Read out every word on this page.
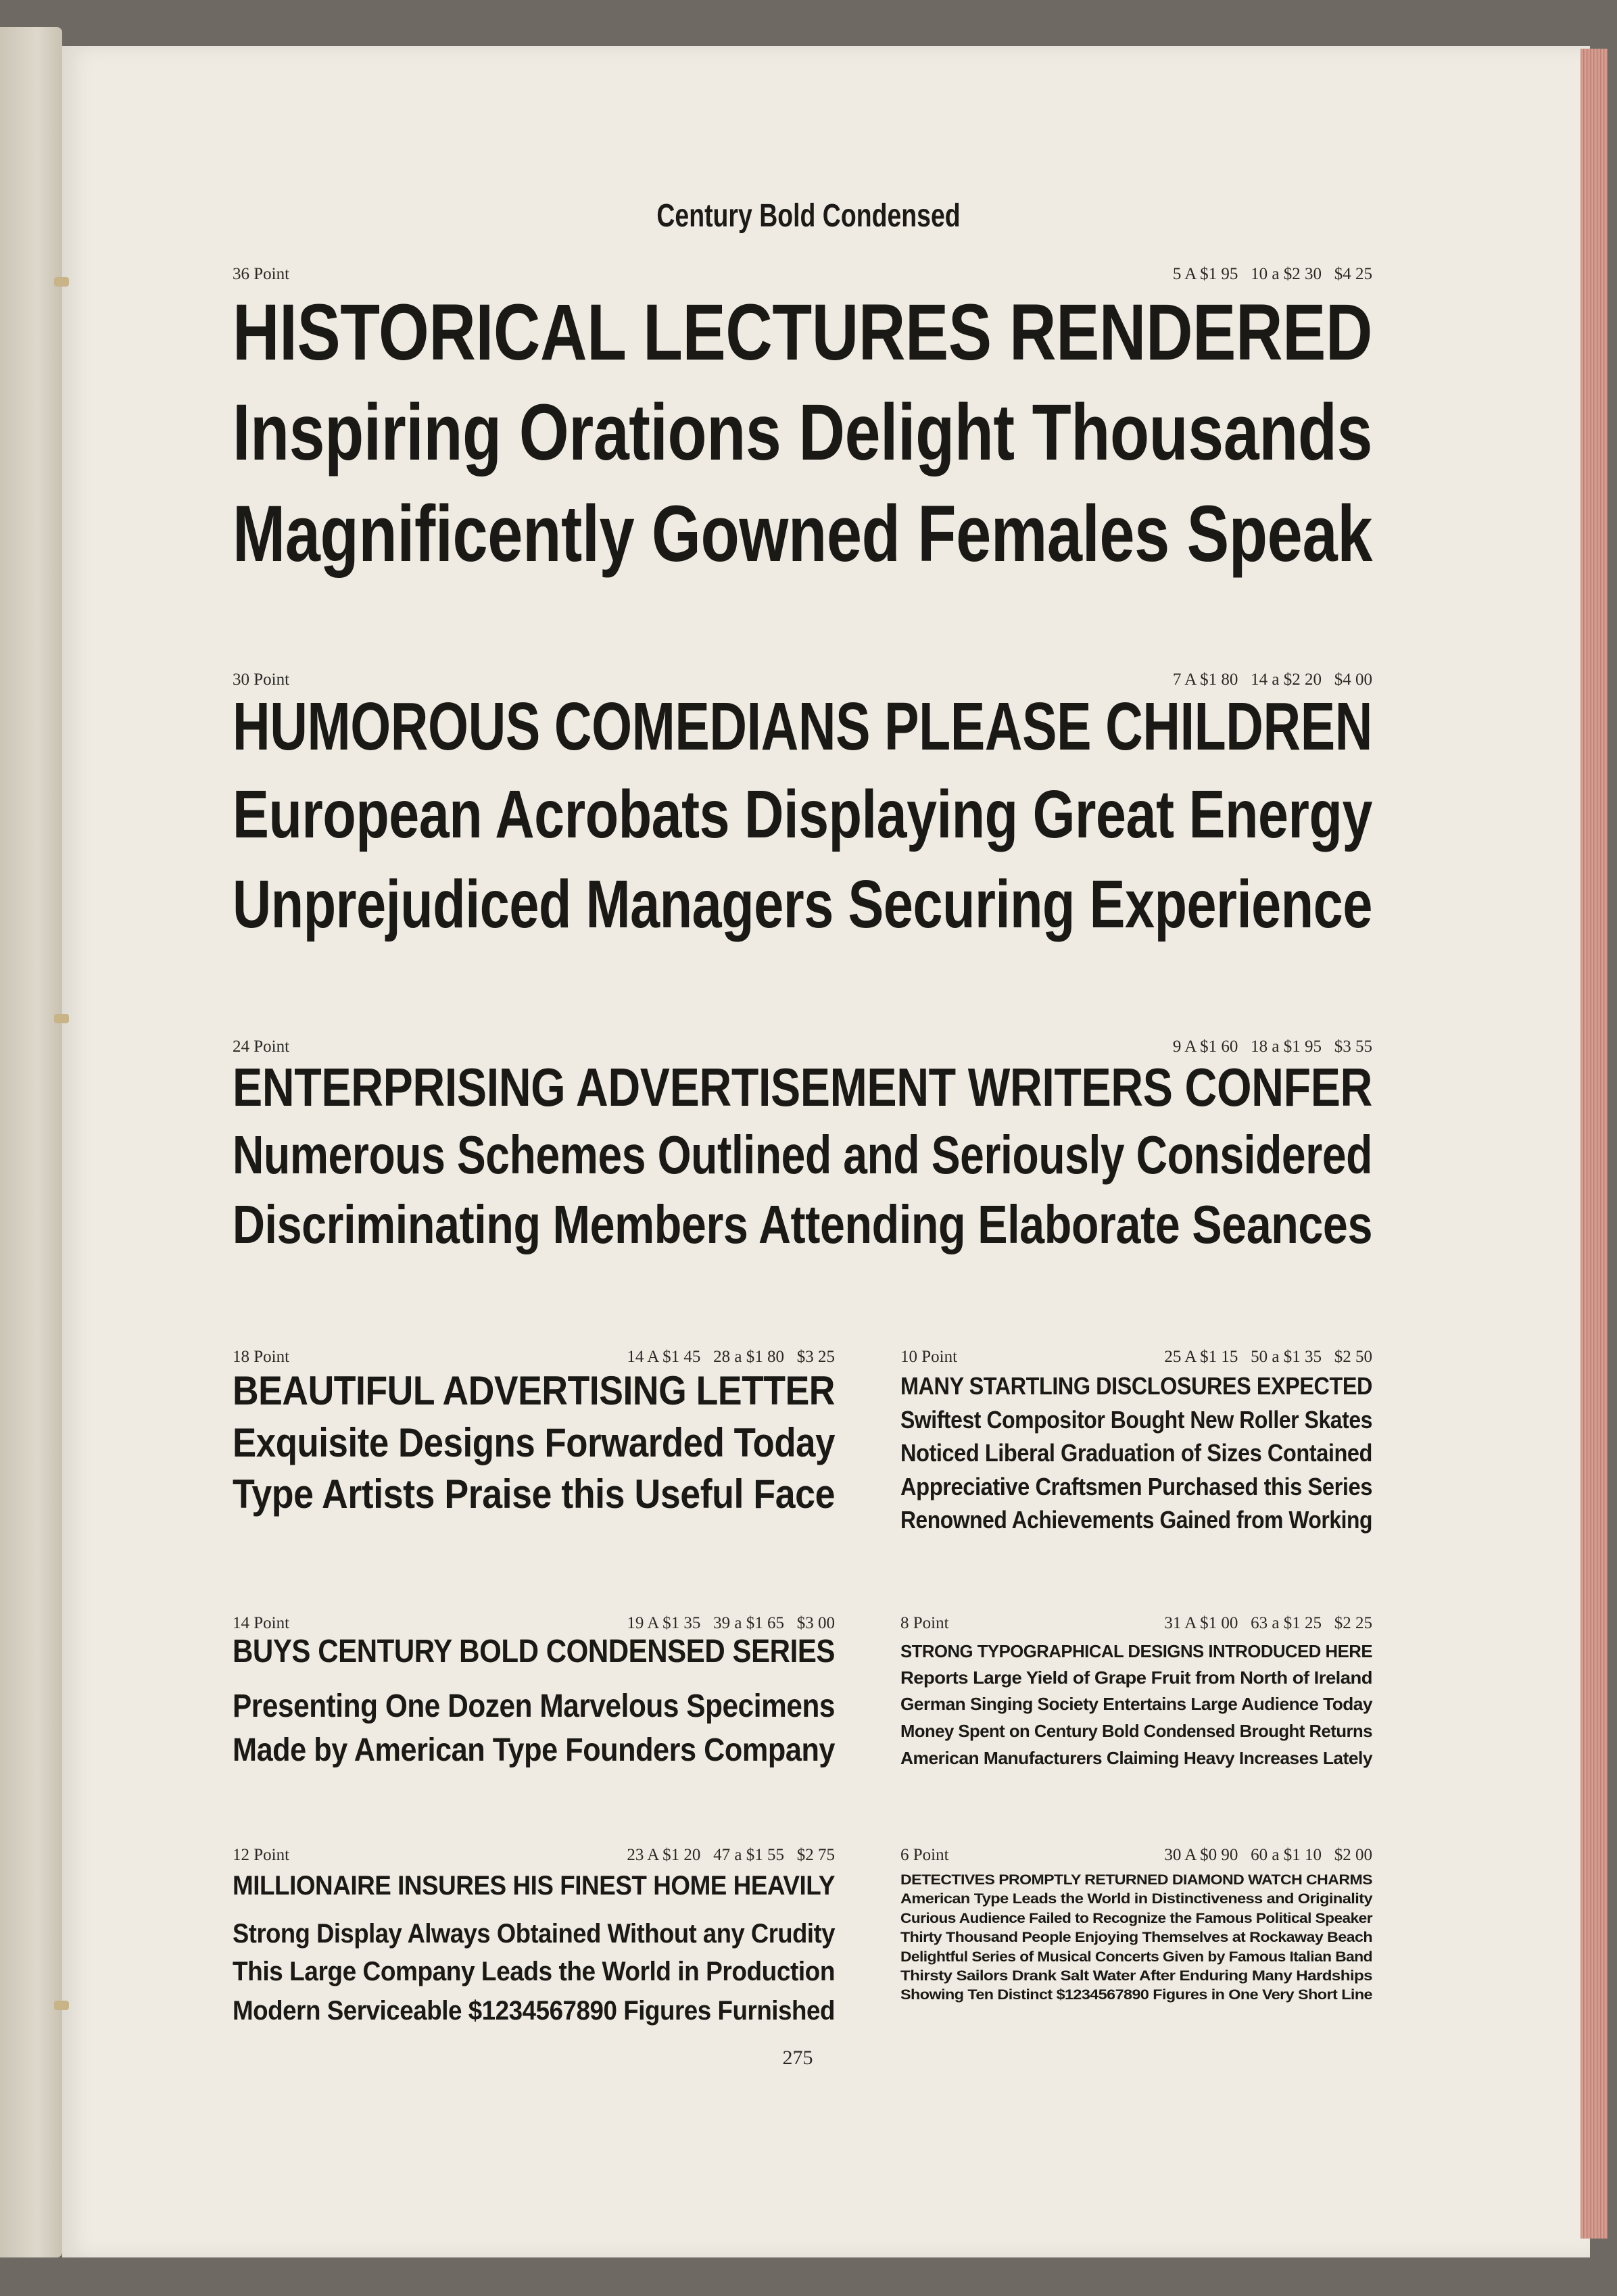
Century Bold Condensed
275
36 Point	5 A $1 95   10 a $2 30   $4 25
HISTORICAL LECTURES RENDERED
Inspiring Orations Delight Thousands
Magnificently Gowned Females Speak
30 Point	7 A $1 80   14 a $2 20   $4 00
HUMOROUS COMEDIANS PLEASE CHILDREN
European Acrobats Displaying Great Energy
Unprejudiced Managers Securing Experience
24 Point	9 A $1 60   18 a $1 95   $3 55
ENTERPRISING ADVERTISEMENT WRITERS CONFER
Numerous Schemes Outlined and Seriously Considered
Discriminating Members Attending Elaborate Seances
18 Point	14 A $1 45   28 a $1 80   $3 25
BEAUTIFUL ADVERTISING LETTER
Exquisite Designs Forwarded Today
Type Artists Praise this Useful Face
10 Point	25 A $1 15   50 a $1 35   $2 50
MANY STARTLING DISCLOSURES EXPECTED
Swiftest Compositor Bought New Roller Skates
Noticed Liberal Graduation of Sizes Contained
Appreciative Craftsmen Purchased this Series
Renowned Achievements Gained from Working
14 Point	19 A $1 35   39 a $1 65   $3 00
BUYS CENTURY BOLD CONDENSED SERIES
Presenting One Dozen Marvelous Specimens
Made by American Type Founders Company
8 Point	31 A $1 00   63 a $1 25   $2 25
STRONG TYPOGRAPHICAL DESIGNS INTRODUCED HERE
Reports Large Yield of Grape Fruit from North of Ireland
German Singing Society Entertains Large Audience Today
Money Spent on Century Bold Condensed Brought Returns
American Manufacturers Claiming Heavy Increases Lately
12 Point	23 A $1 20   47 a $1 55   $2 75
MILLIONAIRE INSURES HIS FINEST HOME HEAVILY
Strong Display Always Obtained Without any Crudity
This Large Company Leads the World in Production
Modern Serviceable $1234567890 Figures Furnished
6 Point	30 A $0 90   60 a $1 10   $2 00
DETECTIVES PROMPTLY RETURNED DIAMOND WATCH CHARMS
American Type Leads the World in Distinctiveness and Originality
Curious Audience Failed to Recognize the Famous Political Speaker
Thirty Thousand People Enjoying Themselves at Rockaway Beach
Delightful Series of Musical Concerts Given by Famous Italian Band
Thirsty Sailors Drank Salt Water After Enduring Many Hardships
Showing Ten Distinct $1234567890 Figures in One Very Short Line
